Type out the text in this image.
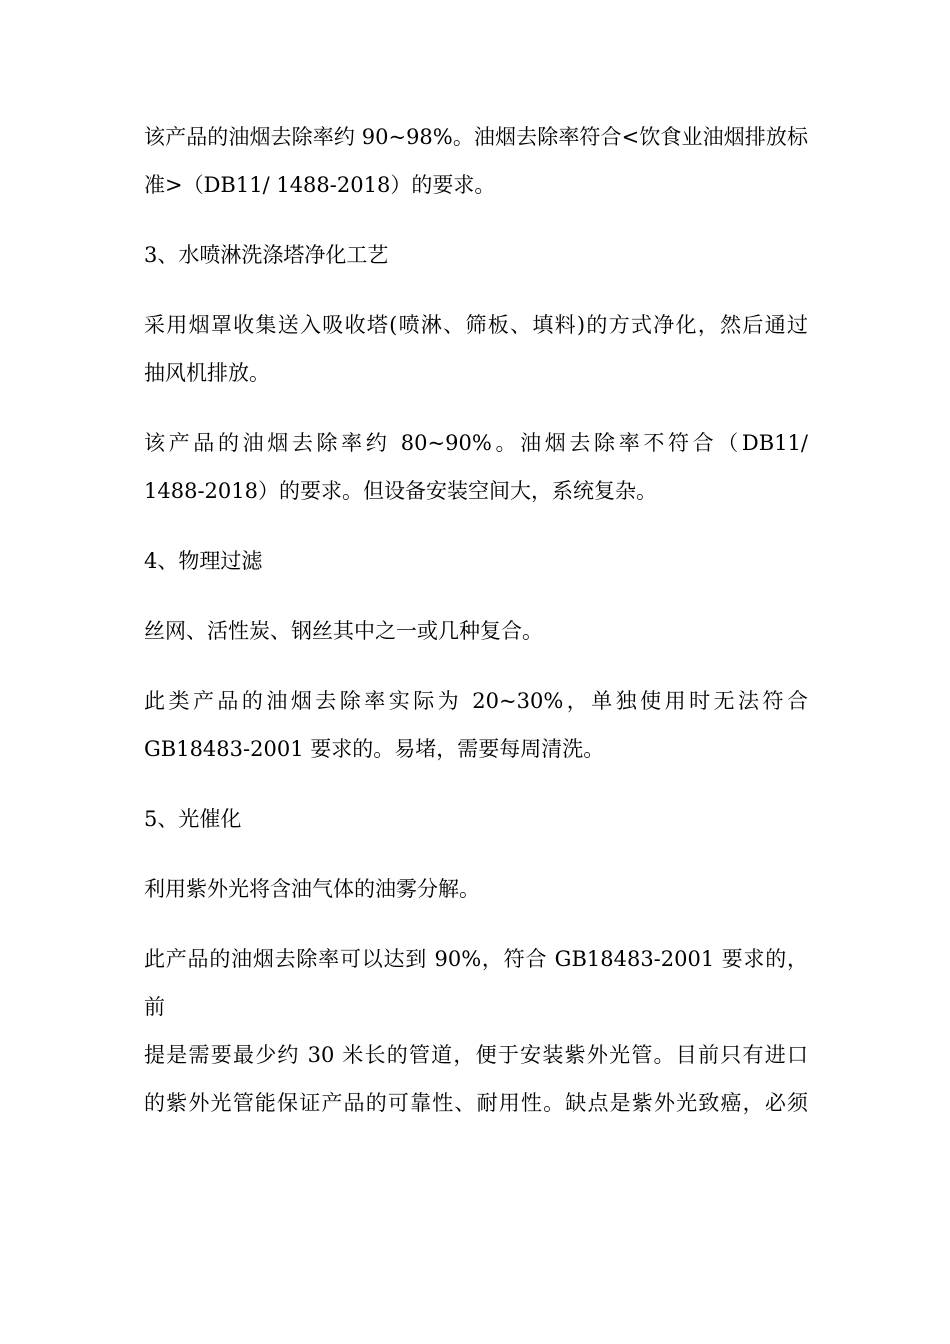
该产品的油烟去除率约 90~98%。油烟去除率符合<饮食业油烟排放标
准>（DB11/ 1488-2018）的要求。

3、水喷淋洗涤塔净化工艺

采用烟罩收集送入吸收塔(喷淋、筛板、填料)的方式净化，然后通过
抽风机排放。

该产品的油烟去除率约 80~90%。油烟去除率不符合（DB11/
1488-2018）的要求。但设备安装空间大，系统复杂。

4、物理过滤

丝网、活性炭、钢丝其中之一或几种复合。

此类产品的油烟去除率实际为 20~30%，单独使用时无法符合
GB18483-2001 要求的。易堵，需要每周清洗。

5、光催化

利用紫外光将含油气体的油雾分解。

此产品的油烟去除率可以达到 90%，符合 GB18483-2001 要求的，前
提是需要最少约 30 米长的管道，便于安装紫外光管。目前只有进口
的紫外光管能保证产品的可靠性、耐用性。缺点是紫外光致癌，必须
